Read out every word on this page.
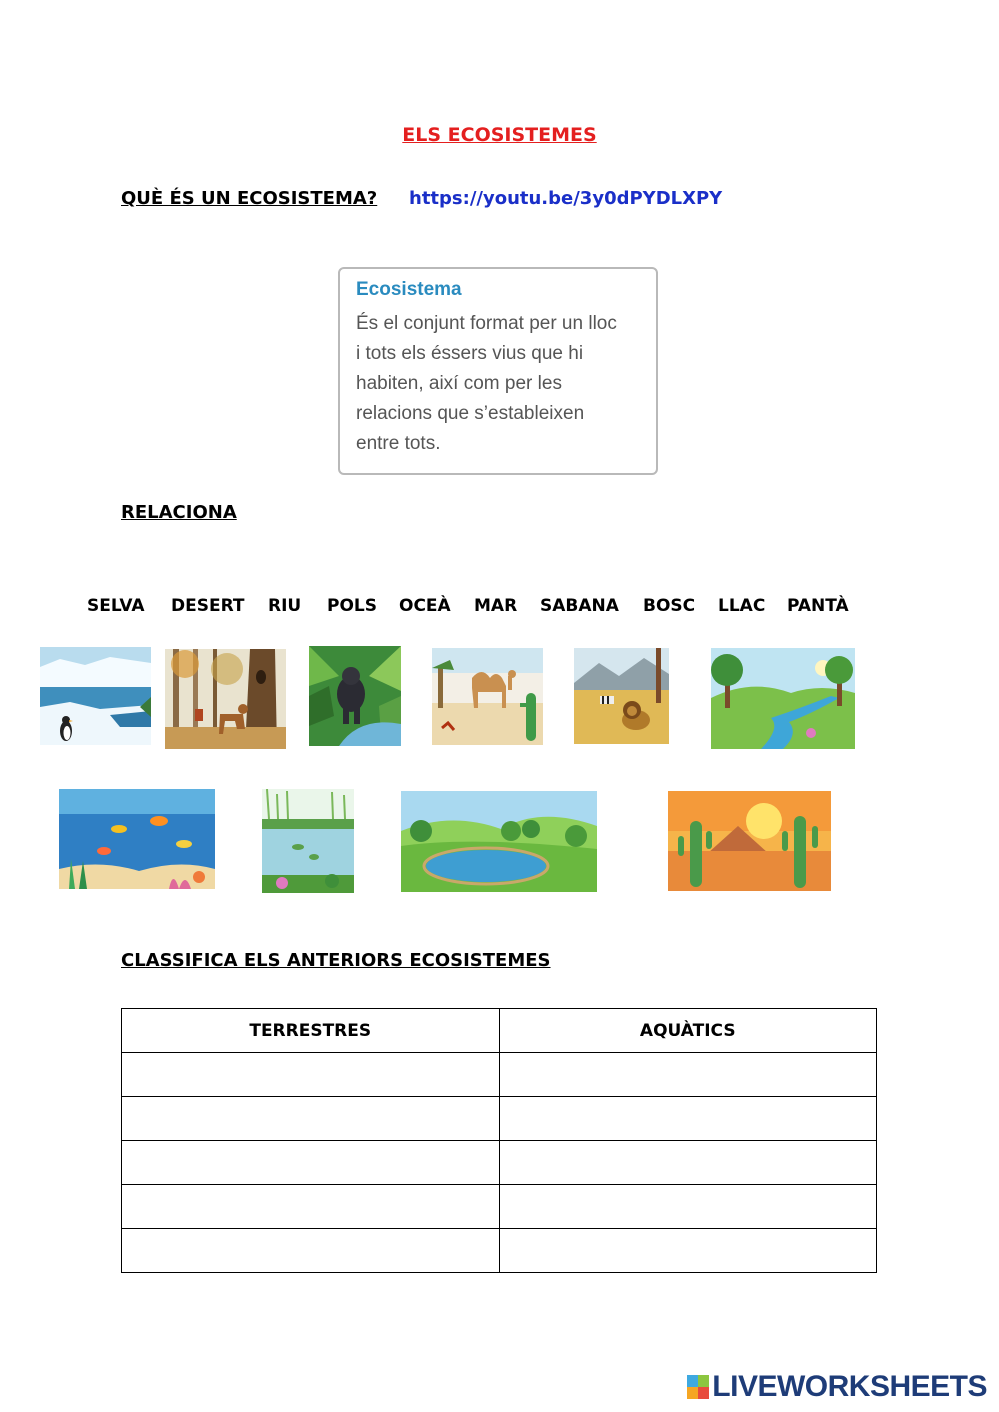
ELS ECOSISTEMES
QUÈ ÉS UN ECOSISTEMA? https://youtu.be/3y0dPYDLXPY
Ecosistema
És el conjunt format per un lloc
i tots els éssers vius que hi
habiten, així com per les
relacions que s’estableixen
entre tots.
RELACIONA
SELVA DESERT RIU POLS OCEÀ MAR SABANA BOSC LLAC PANTÀ
CLASSIFICA ELS ANTERIORS ECOSISTEMES
TERRESTRES	AQUÀTICS

LIVEWORKSHEETS
